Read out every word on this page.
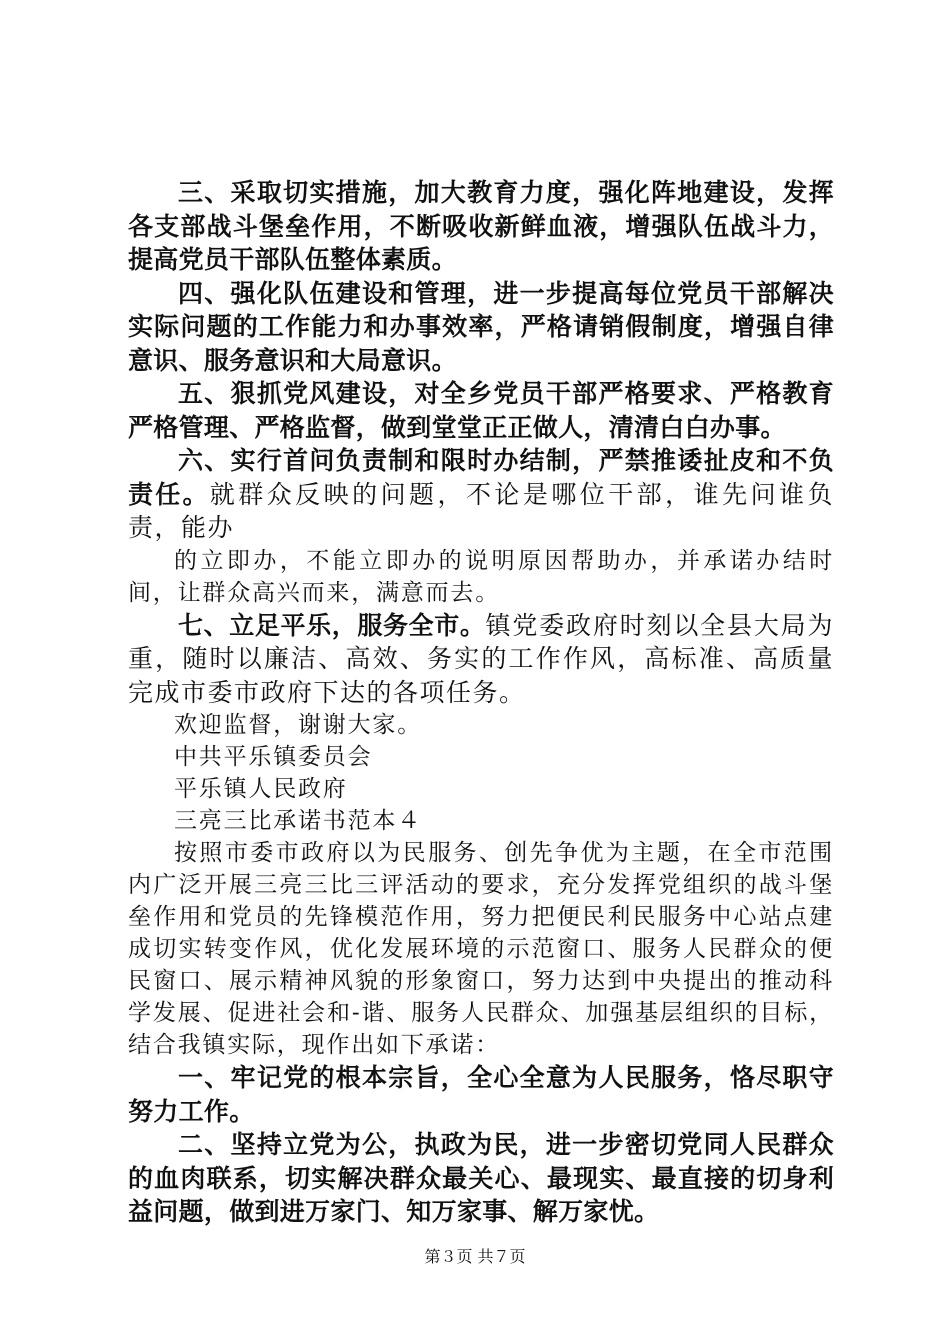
三、采取切实措施，加大教育力度，强化阵地建设，发挥各支部战斗堡垒作用，不断吸收新鲜血液，增强队伍战斗力，提高党员干部队伍整体素质。

四、强化队伍建设和管理，进一步提高每位党员干部解决实际问题的工作能力和办事效率，严格请销假制度，增强自律意识、服务意识和大局意识。

五、狠抓党风建设，对全乡党员干部严格要求、严格教育严格管理、严格监督，做到堂堂正正做人，清清白白办事。

六、实行首问负责制和限时办结制，严禁推诿扯皮和不负责任。就群众反映的问题，不论是哪位干部，谁先问谁负责，能办

的立即办，不能立即办的说明原因帮助办，并承诺办结时间，让群众高兴而来，满意而去。

七、立足平乐，服务全市。镇党委政府时刻以全县大局为重，随时以廉洁、高效、务实的工作作风，高标准、高质量完成市委市政府下达的各项任务。

欢迎监督，谢谢大家。

中共平乐镇委员会

平乐镇人民政府

三亮三比承诺书范本４

按照市委市政府以为民服务、创先争优为主题，在全市范围内广泛开展三亮三比三评活动的要求，充分发挥党组织的战斗堡垒作用和党员的先锋模范作用，努力把便民利民服务中心站点建成切实转变作风，优化发展环境的示范窗口、服务人民群众的便民窗口、展示精神风貌的形象窗口，努力达到中央提出的推动科学发展、促进社会和-谐、服务人民群众、加强基层组织的目标，结合我镇实际，现作出如下承诺：

一、牢记党的根本宗旨，全心全意为人民服务，恪尽职守努力工作。

二、坚持立党为公，执政为民，进一步密切党同人民群众的血肉联系，切实解决群众最关心、最现实、最直接的切身利益问题，做到进万家门、知万家事、解万家忧。

第３页 共７页
